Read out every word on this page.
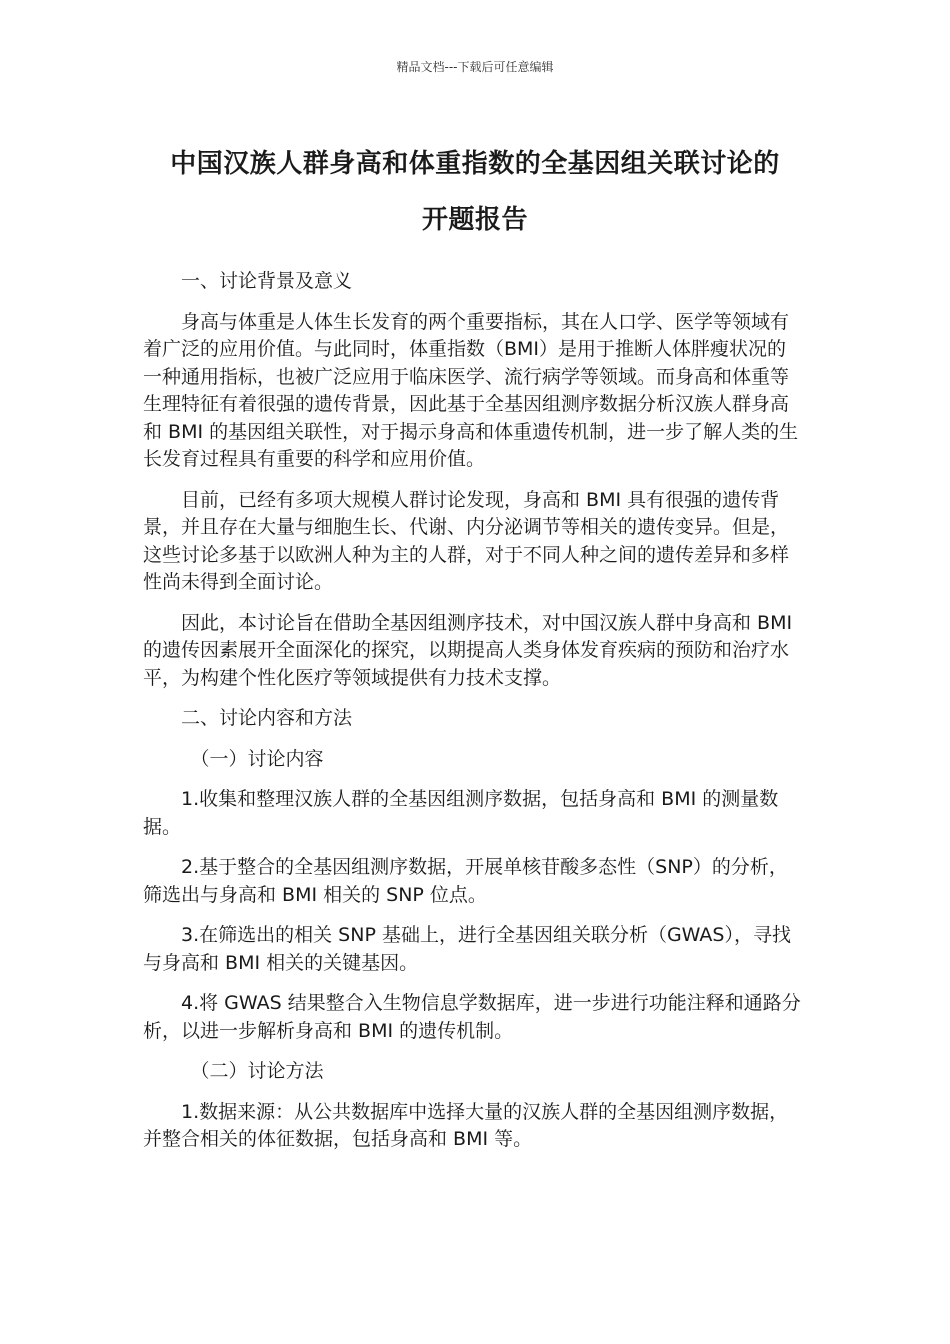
精品文档---下载后可任意编辑
中国汉族人群身高和体重指数的全基因组关联讨论的
开题报告

一、讨论背景及意义

身高与体重是人体生长发育的两个重要指标，其在人口学、医学等领域有着广泛的应用价值。与此同时，体重指数（BMI）是用于推断人体胖瘦状况的一种通用指标，也被广泛应用于临床医学、流行病学等领域。而身高和体重等生理特征有着很强的遗传背景，因此基于全基因组测序数据分析汉族人群身高和 BMI 的基因组关联性，对于揭示身高和体重遗传机制，进一步了解人类的生长发育过程具有重要的科学和应用价值。

目前，已经有多项大规模人群讨论发现，身高和 BMI 具有很强的遗传背景，并且存在大量与细胞生长、代谢、内分泌调节等相关的遗传变异。但是，这些讨论多基于以欧洲人种为主的人群，对于不同人种之间的遗传差异和多样性尚未得到全面讨论。

因此，本讨论旨在借助全基因组测序技术，对中国汉族人群中身高和 BMI 的遗传因素展开全面深化的探究，以期提高人类身体发育疾病的预防和治疗水平，为构建个性化医疗等领域提供有力技术支撑。

二、讨论内容和方法

（一）讨论内容

1.收集和整理汉族人群的全基因组测序数据，包括身高和 BMI 的测量数据。

2.基于整合的全基因组测序数据，开展单核苷酸多态性（SNP）的分析，筛选出与身高和 BMI 相关的 SNP 位点。

3.在筛选出的相关 SNP 基础上，进行全基因组关联分析（GWAS），寻找与身高和 BMI 相关的关键基因。

4.将 GWAS 结果整合入生物信息学数据库，进一步进行功能注释和通路分析，以进一步解析身高和 BMI 的遗传机制。

（二）讨论方法

1.数据来源：从公共数据库中选择大量的汉族人群的全基因组测序数据，并整合相关的体征数据，包括身高和 BMI 等。
